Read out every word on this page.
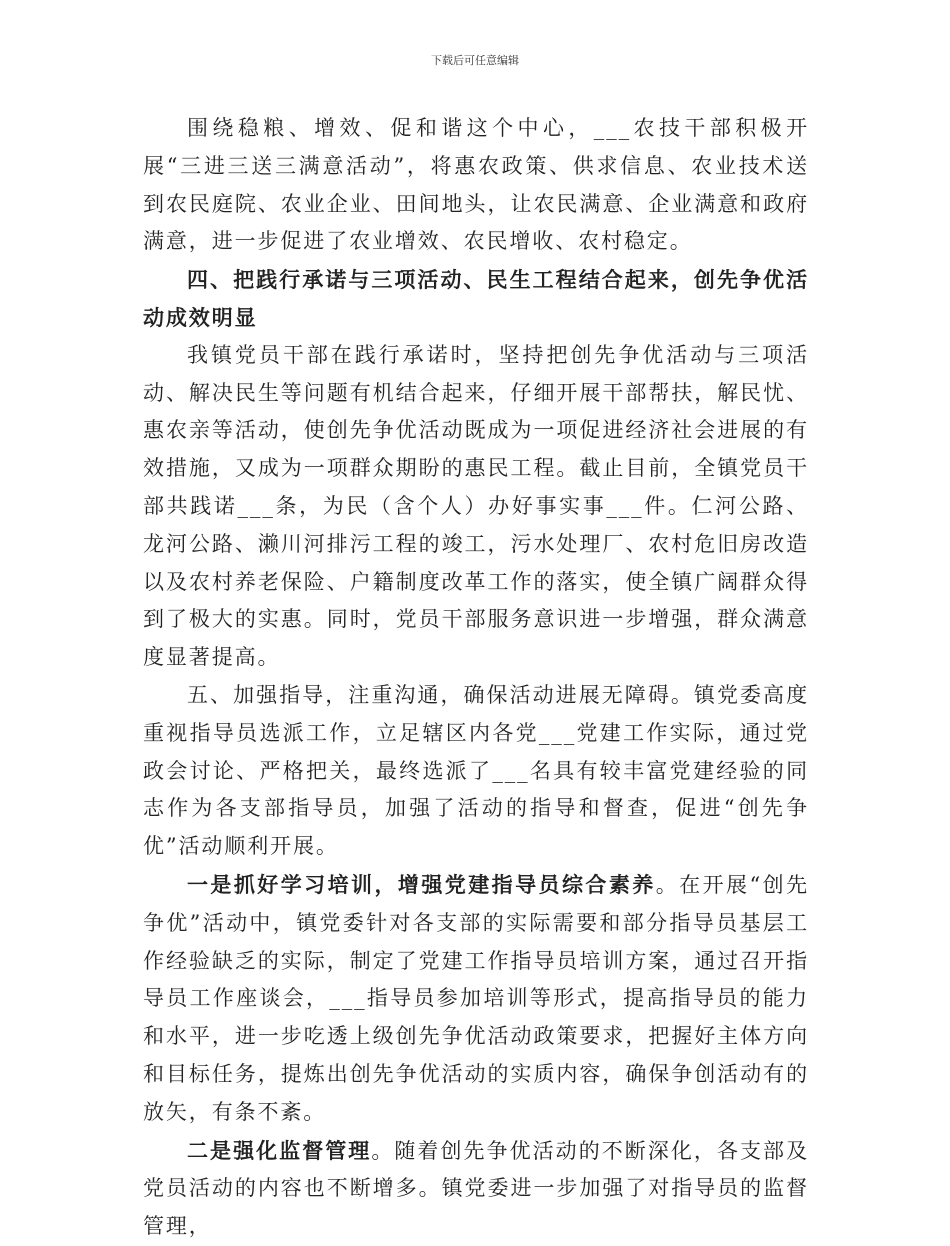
下载后可任意编辑

围绕稳粮、增效、促和谐这个中心，___农技干部积极开展“三进三送三满意活动”，将惠农政策、供求信息、农业技术送到农民庭院、农业企业、田间地头，让农民满意、企业满意和政府满意，进一步促进了农业增效、农民增收、农村稳定。

四、把践行承诺与三项活动、民生工程结合起来，创先争优活动成效明显

我镇党员干部在践行承诺时，坚持把创先争优活动与三项活动、解决民生等问题有机结合起来，仔细开展干部帮扶，解民忧、惠农亲等活动，使创先争优活动既成为一项促进经济社会进展的有效措施，又成为一项群众期盼的惠民工程。截止目前，全镇党员干部共践诺___条，为民（含个人）办好事实事___件。仁河公路、龙河公路、濑川河排污工程的竣工，污水处理厂、农村危旧房改造以及农村养老保险、户籍制度改革工作的落实，使全镇广阔群众得到了极大的实惠。同时，党员干部服务意识进一步增强，群众满意度显著提高。

五、加强指导，注重沟通，确保活动进展无障碍。镇党委高度重视指导员选派工作，立足辖区内各党___党建工作实际，通过党政会讨论、严格把关，最终选派了___名具有较丰富党建经验的同志作为各支部指导员，加强了活动的指导和督查，促进“创先争优”活动顺利开展。

一是抓好学习培训，增强党建指导员综合素养。在开展“创先争优”活动中，镇党委针对各支部的实际需要和部分指导员基层工作经验缺乏的实际，制定了党建工作指导员培训方案，通过召开指导员工作座谈会，___指导员参加培训等形式，提高指导员的能力和水平，进一步吃透上级创先争优活动政策要求，把握好主体方向和目标任务，提炼出创先争优活动的实质内容，确保争创活动有的放矢，有条不紊。

二是强化监督管理。随着创先争优活动的不断深化，各支部及党员活动的内容也不断增多。镇党委进一步加强了对指导员的监督管理，
